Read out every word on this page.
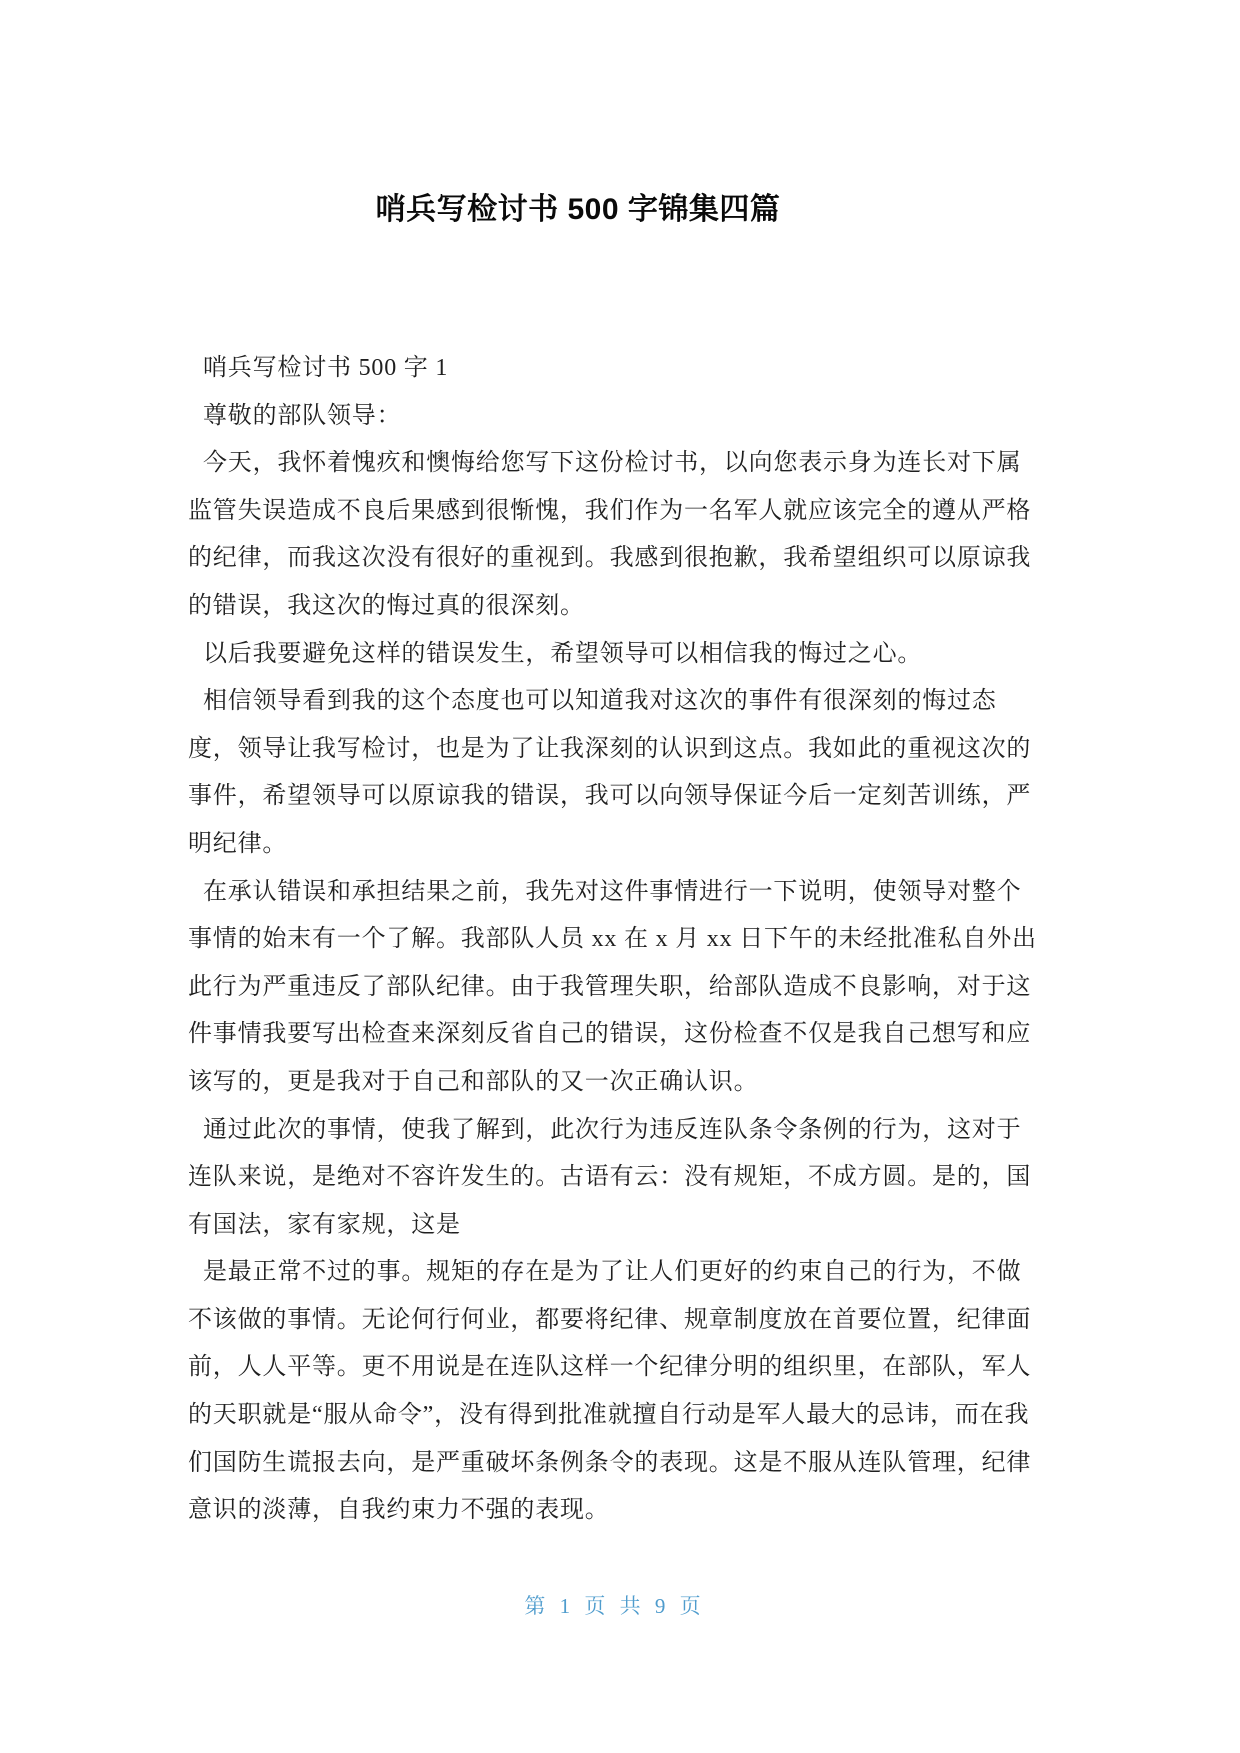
哨兵写检讨书 500 字锦集四篇
哨兵写检讨书 500 字 1
尊敬的部队领导：
今天，我怀着愧疚和懊悔给您写下这份检讨书，以向您表示身为连长对下属
监管失误造成不良后果感到很惭愧，我们作为一名军人就应该完全的遵从严格
的纪律，而我这次没有很好的重视到。我感到很抱歉，我希望组织可以原谅我
的错误，我这次的悔过真的很深刻。
以后我要避免这样的错误发生，希望领导可以相信我的悔过之心。
相信领导看到我的这个态度也可以知道我对这次的事件有很深刻的悔过态
度，领导让我写检讨，也是为了让我深刻的认识到这点。我如此的重视这次的
事件，希望领导可以原谅我的错误，我可以向领导保证今后一定刻苦训练，严
明纪律。
在承认错误和承担结果之前，我先对这件事情进行一下说明，使领导对整个
事情的始末有一个了解。我部队人员 xx 在 x 月 xx 日下午的未经批准私自外出
此行为严重违反了部队纪律。由于我管理失职，给部队造成不良影响，对于这
件事情我要写出检查来深刻反省自己的错误，这份检查不仅是我自己想写和应
该写的，更是我对于自己和部队的又一次正确认识。
通过此次的事情，使我了解到，此次行为违反连队条令条例的行为，这对于
连队来说，是绝对不容许发生的。古语有云：没有规矩，不成方圆。是的，国
有国法，家有家规，这是
是最正常不过的事。规矩的存在是为了让人们更好的约束自己的行为，不做
不该做的事情。无论何行何业，都要将纪律、规章制度放在首要位置，纪律面
前，人人平等。更不用说是在连队这样一个纪律分明的组织里，在部队，军人
的天职就是“服从命令”，没有得到批准就擅自行动是军人最大的忌讳，而在我
们国防生谎报去向，是严重破坏条例条令的表现。这是不服从连队管理，纪律
意识的淡薄，自我约束力不强的表现。
第 1 页 共 9 页
